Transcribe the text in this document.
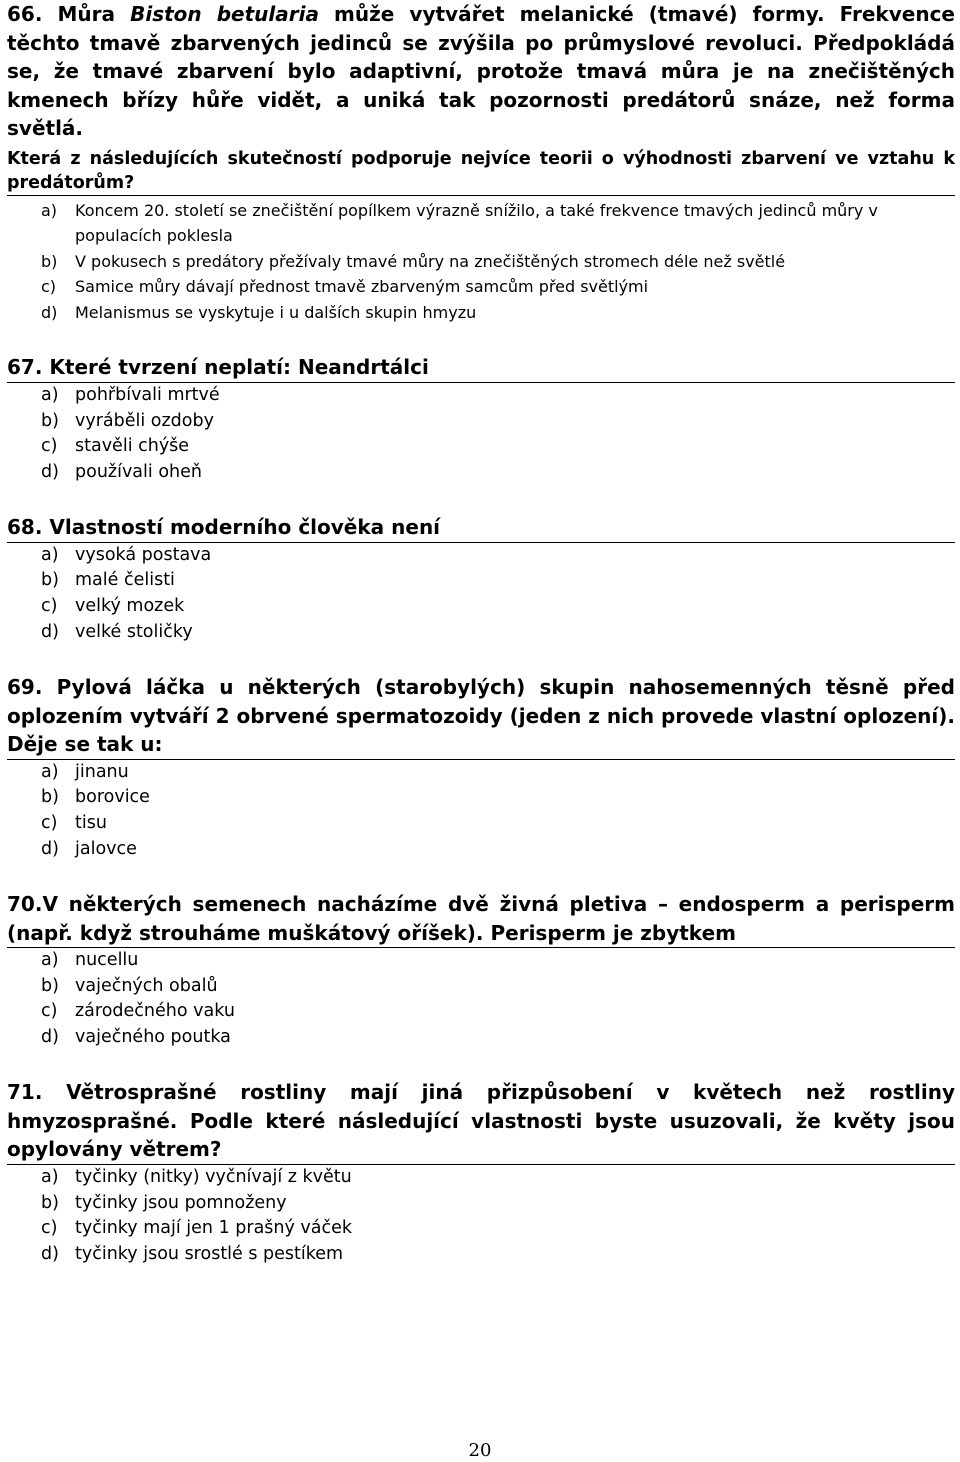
66. Můra Biston betularia může vytvářet melanické (tmavé) formy. Frekvence těchto tmavě zbarvených jedinců se zvýšila po průmyslové revoluci. Předpokládá se, že tmavé zbarvení bylo adaptivní, protože tmavá můra je na znečištěných kmenech břízy hůře vidět, a uniká tak pozornosti predátorů snáze, než forma světlá.

Která z následujících skutečností podporuje nejvíce teorii o výhodnosti zbarvení ve vztahu k predátorům?

a)	Koncem 20. století se znečištění popílkem výrazně snížilo, a také frekvence tmavých jedinců můry v populacích poklesla
b)	V pokusech s predátory přežívaly tmavé můry na znečištěných stromech déle než světlé
c)	Samice můry dávají přednost tmavě zbarveným samcům před světlými
d)	Melanismus se vyskytuje i u dalších skupin hmyzu

67. Které tvrzení neplatí: Neandrtálci

a) pohřbívali mrtvé
b) vyráběli ozdoby
c)	stavěli chýše
d) používali oheň

68. Vlastností moderního člověka není

a) vysoká postava
b) malé čelisti
c)	velký mozek
d) velké stoličky

69. Pylová láčka u některých (starobylých) skupin nahosemenných těsně před oplozením vytváří 2 obrvené spermatozoidy (jeden z nich provede vlastní oplození). Děje se tak u:

a) jinanu
b) borovice
c)	tisu
d) jalovce

70.V některých semenech nacházíme dvě živná pletiva – endosperm a perisperm (např. když strouháme muškátový oříšek). Perisperm je zbytkem

a) nucellu
b) vaječných obalů
c)	zárodečného vaku
d) vaječného poutka

71. Větrosprašné rostliny mají jiná přizpůsobení v květech než rostliny hmyzosprašné. Podle které následující vlastnosti byste usuzovali, že květy jsou opylovány větrem?

a) tyčinky (nitky) vyčnívají z květu
b) tyčinky jsou pomnoženy
c)	tyčinky mají jen 1 prašný váček
d) tyčinky jsou srostlé s pestíkem
20
